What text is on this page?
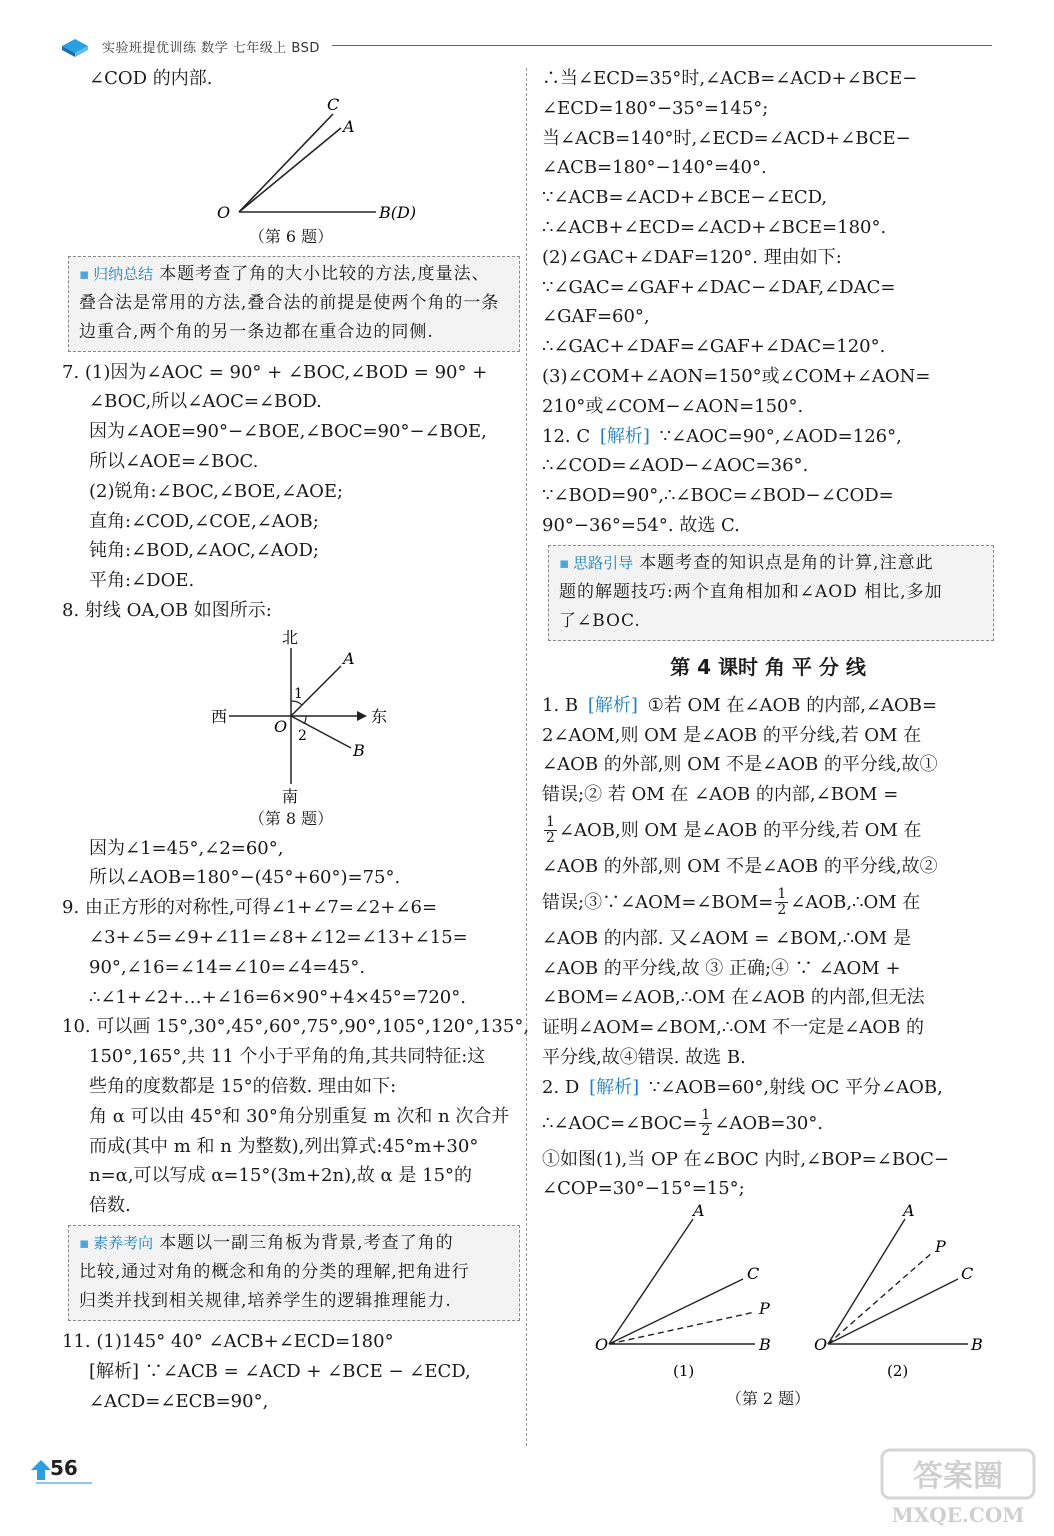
实验班提优训练 数学 七年级上 BSD
∠COD 的内部.
C
A
O	B(D)
（第 6 题）
▪ 归纳总结 本题考查了角的大小比较的方法,度量法、
叠合法是常用的方法,叠合法的前提是使两个角的一条
边重合,两个角的另一条边都在重合边的同侧.
7. (1)因为∠AOC = 90° + ∠BOC,∠BOD = 90° +
∠BOC,所以∠AOC=∠BOD.
因为∠AOE=90°−∠BOE,∠BOC=90°−∠BOE,
所以∠AOE=∠BOC.
(2)锐角:∠BOC,∠BOE,∠AOE;
直角:∠COD,∠COE,∠AOB;
钝角:∠BOD,∠AOC,∠AOD;
平角:∠DOE.
8. 射线 OA,OB 如图所示:
北
南
西	东
O
A
B
1
2
（第 8 题）
因为∠1=45°,∠2=60°,
所以∠AOB=180°−(45°+60°)=75°.
9. 由正方形的对称性,可得∠1+∠7=∠2+∠6=
∠3+∠5=∠9+∠11=∠8+∠12=∠13+∠15=
90°,∠16=∠14=∠10=∠4=45°.
∴∠1+∠2+…+∠16=6×90°+4×45°=720°.
10. 可以画 15°,30°,45°,60°,75°,90°,105°,120°,135°,
150°,165°,共 11 个小于平角的角,其共同特征:这
些角的度数都是 15°的倍数. 理由如下:
角 α 可以由 45°和 30°角分别重复 m 次和 n 次合并
而成(其中 m 和 n 为整数),列出算式:45°m+30°
n=α,可以写成 α=15°(3m+2n),故 α 是 15°的
倍数.
▪ 素养考向 本题以一副三角板为背景,考查了角的
比较,通过对角的概念和角的分类的理解,把角进行
归类并找到相关规律,培养学生的逻辑推理能力.
11. (1)145° 40° ∠ACB+∠ECD=180°
[解析] ∵∠ACB = ∠ACD + ∠BCE − ∠ECD,
∠ACD=∠ECB=90°,
∴当∠ECD=35°时,∠ACB=∠ACD+∠BCE−
∠ECD=180°−35°=145°;
当∠ACB=140°时,∠ECD=∠ACD+∠BCE−
∠ACB=180°−140°=40°.
∵∠ACB=∠ACD+∠BCE−∠ECD,
∴∠ACB+∠ECD=∠ACD+∠BCE=180°.
(2)∠GAC+∠DAF=120°. 理由如下:
∵∠GAC=∠GAF+∠DAC−∠DAF,∠DAC=
∠GAF=60°,
∴∠GAC+∠DAF=∠GAF+∠DAC=120°.
(3)∠COM+∠AON=150°或∠COM+∠AON=
210°或∠COM−∠AON=150°.
12. C [解析] ∵∠AOC=90°,∠AOD=126°,
∴∠COD=∠AOD−∠AOC=36°.
∵∠BOD=90°,∴∠BOC=∠BOD−∠COD=
90°−36°=54°. 故选 C.
▪ 思路引导 本题考查的知识点是角的计算,注意此
题的解题技巧:两个直角相加和∠AOD 相比,多加
了∠BOC.
第 4 课时 角 平 分 线
1. B [解析] ①若 OM 在∠AOB 的内部,∠AOB=
2∠AOM,则 OM 是∠AOB 的平分线,若 OM 在
∠AOB 的外部,则 OM 不是∠AOB 的平分线,故①
错误;② 若 OM 在 ∠AOB 的内部,∠BOM =
$\frac{1}{2}$ ∠AOB,则 OM 是∠AOB 的平分线,若 OM 在
∠AOB 的外部,则 OM 不是∠AOB 的平分线,故②
错误;③∵∠AOM=∠BOM= $\frac{1}{2}$ ∠AOB,∴OM 在
∠AOB 的内部. 又∠AOM = ∠BOM,∴OM 是
∠AOB 的平分线,故 ③ 正确;④ ∵ ∠AOM +
∠BOM=∠AOB,∴OM 在∠AOB 的内部,但无法
证明∠AOM=∠BOM,∴OM 不一定是∠AOB 的
平分线,故④错误. 故选 B.
2. D [解析] ∵∠AOB=60°,射线 OC 平分∠AOB,
∴∠AOC=∠BOC= $\frac{1}{2}$ ∠AOB=30°.
①如图(1),当 OP 在∠BOC 内时,∠BOP=∠BOC−
∠COP=30°−15°=15°;
A
C
P
O	B
(1)
A
P
C
O	B
(2)
（第 2 题）
56	答案圈
MXQE.COM
